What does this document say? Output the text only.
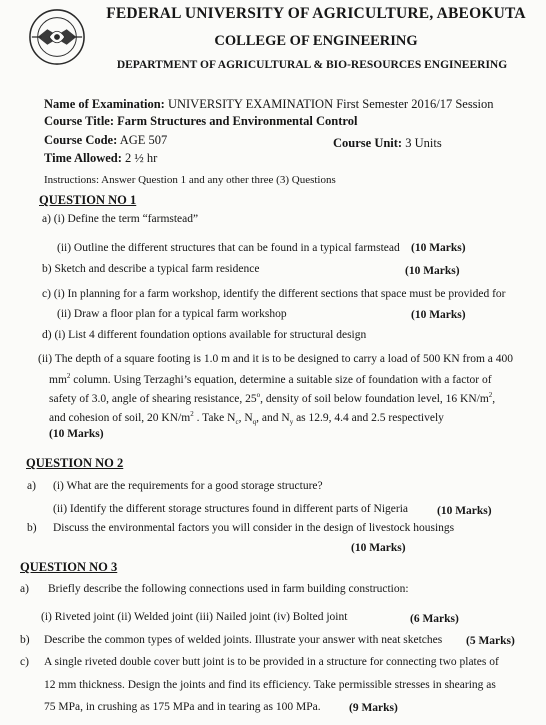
FEDERAL UNIVERSITY OF AGRICULTURE, ABEOKUTA
COLLEGE OF ENGINEERING
DEPARTMENT OF AGRICULTURAL & BIO-RESOURCES ENGINEERING
Name of Examination: UNIVERSITY EXAMINATION First Semester 2016/17 Session
Course Title: Farm Structures and Environmental Control
Course Code: AGE 507	Course Unit: 3 Units
Time Allowed: 2 ½ hr
Instructions: Answer Question 1 and any other three (3) Questions
QUESTION NO 1
a) (i) Define the term “farmstead”
(ii) Outline the different structures that can be found in a typical farmstead (10 Marks)
b) Sketch and describe a typical farm residence	(10 Marks)
c) (i) In planning for a farm workshop, identify the different sections that space must be provided for
(ii) Draw a floor plan for a typical farm workshop	(10 Marks)
d) (i) List 4 different foundation options available for structural design
(ii) The depth of a square footing is 1.0 m and it is to be designed to carry a load of 500 KN from a 400
$mm^2$ column. Using Terzaghi’s equation, determine a suitable size of foundation with a factor of
safety of 3.0, angle of shearing resistance, 25$^o$, density of soil below foundation level, 16 $KN/m^2$,
and cohesion of soil, 20 $KN/m^2$ . Take $N_c$, $N_q$, and $N_y$ as 12.9, 4.4 and 2.5 respectively
(10 Marks)
QUESTION NO 2
a) (i) What are the requirements for a good storage structure?
(ii) Identify the different storage structures found in different parts of Nigeria	(10 Marks)
b) Discuss the environmental factors you will consider in the design of livestock housings
(10 Marks)
QUESTION NO 3
a) Briefly describe the following connections used in farm building construction:
(i) Riveted joint (ii) Welded joint (iii) Nailed joint (iv) Bolted joint	(6 Marks)
b) Describe the common types of welded joints. Illustrate your answer with neat sketches (5 Marks)
c) A single riveted double cover butt joint is to be provided in a structure for connecting two plates of
12 mm thickness. Design the joints and find its efficiency. Take permissible stresses in shearing as
75 MPa, in crushing as 175 MPa and in tearing as 100 MPa. (9 Marks)
